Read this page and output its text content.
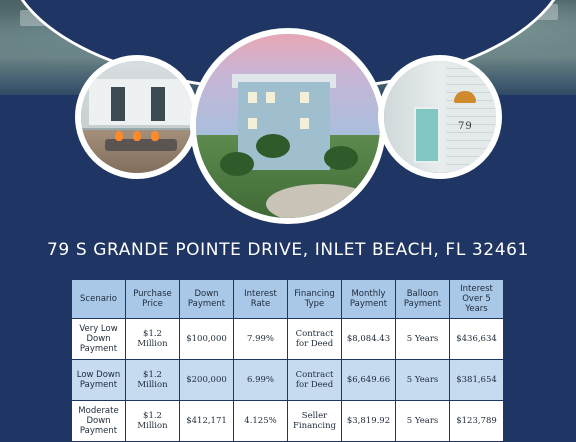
79
79 S GRANDE POINTE DRIVE, INLET BEACH, FL 32461
Scenario	Purchase Price	Down Payment	Interest Rate	Financing Type	Monthly Payment	Balloon Payment	Interest Over 5 Years
Very Low Down Payment	$1.2 Million	$100,000	7.99%	Contract for Deed	$8,084.43	5 Years	$436,634
Low Down Payment	$1.2 Million	$200,000	6.99%	Contract for Deed	$6,649.66	5 Years	$381,654
Moderate Down Payment	$1.2 Million	$412,171	4.125%	Seller Financing	$3,819.92	5 Years	$123,789
